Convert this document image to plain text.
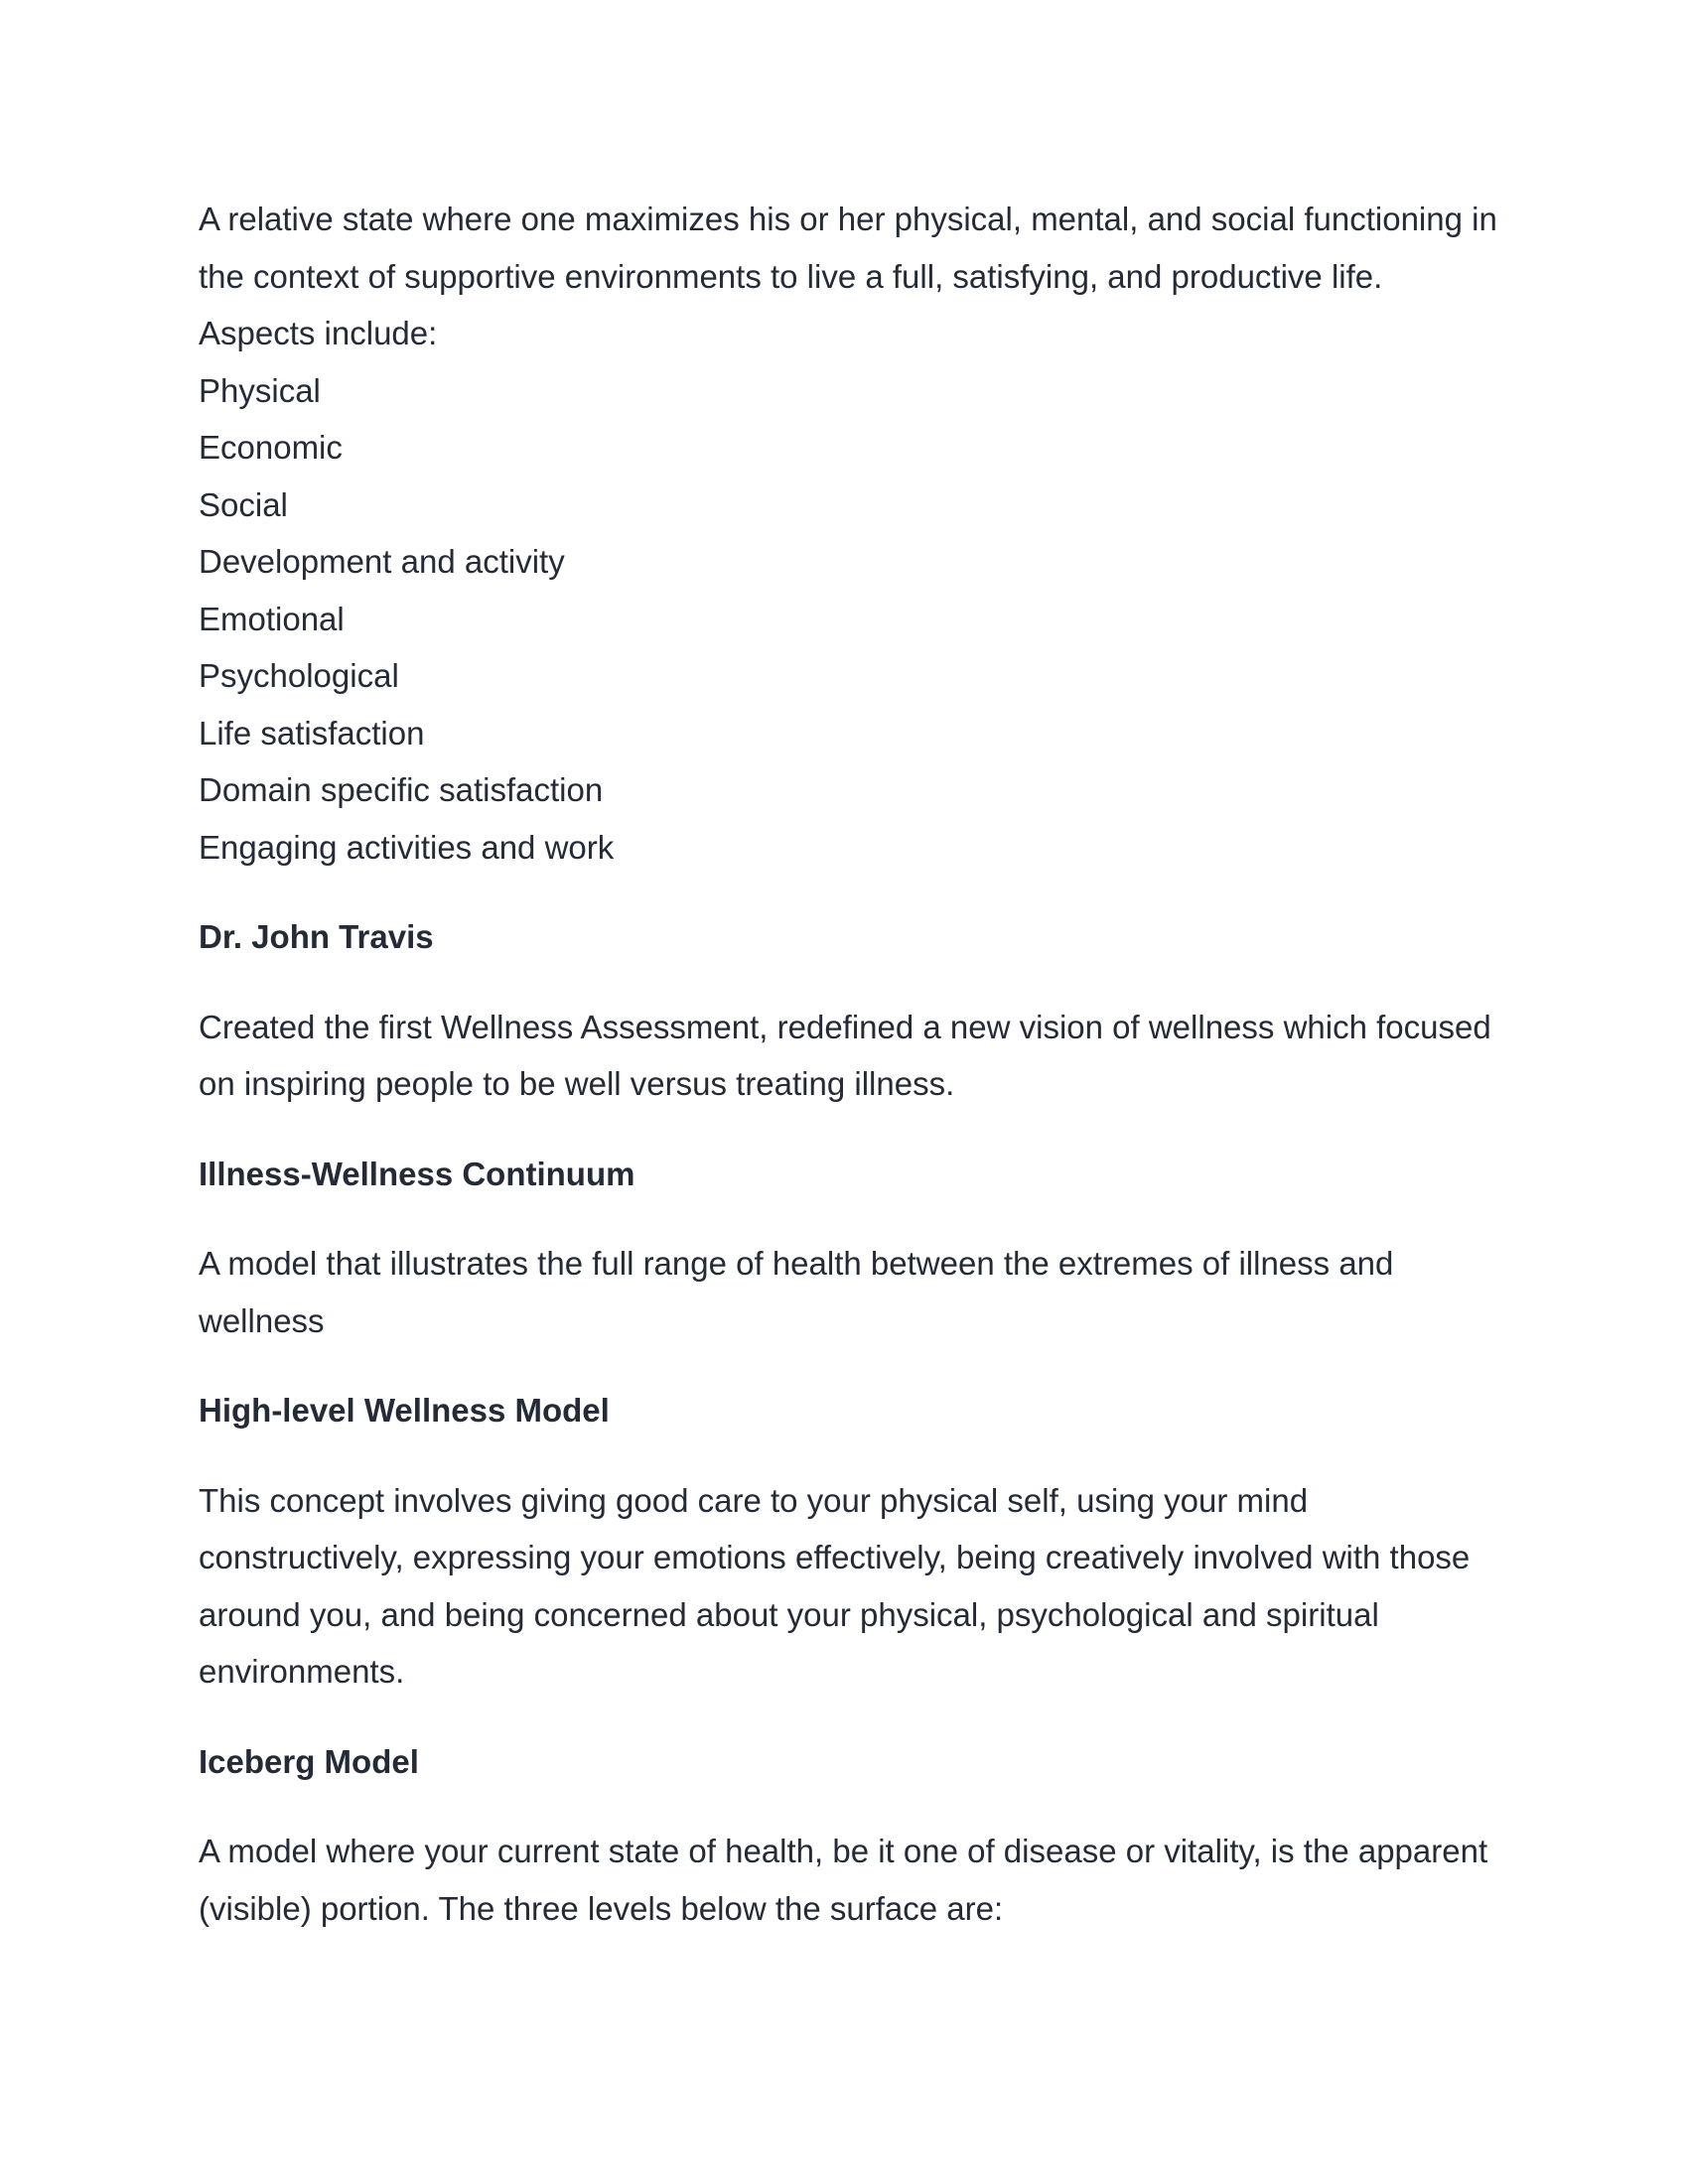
A relative state where one maximizes his or her physical, mental, and social functioning in the context of supportive environments to live a full, satisfying, and productive life.

Aspects include:

Physical
Economic
Social
Development and activity
Emotional
Psychological
Life satisfaction
Domain specific satisfaction
Engaging activities and work
Dr. John Travis

Created the first Wellness Assessment, redefined a new vision of wellness which focused on inspiring people to be well versus treating illness.

Illness-Wellness Continuum

A model that illustrates the full range of health between the extremes of illness and wellness

High-level Wellness Model

This concept involves giving good care to your physical self, using your mind constructively, expressing your emotions effectively, being creatively involved with those around you, and being concerned about your physical, psychological and spiritual environments.

Iceberg Model

A model where your current state of health, be it one of disease or vitality, is the apparent (visible) portion. The three levels below the surface are:
